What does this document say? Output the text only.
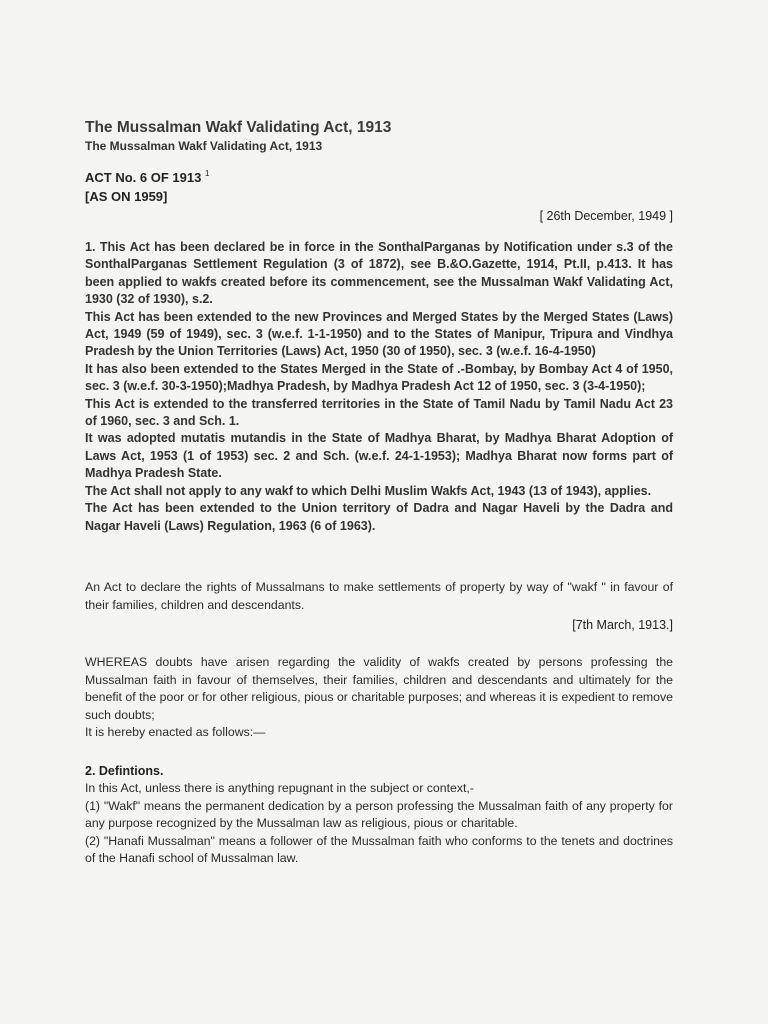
The Mussalman Wakf Validating Act, 1913
The Mussalman Wakf Validating Act, 1913
ACT No. 6 OF 1913 $^1$
[AS ON 1959]
[ 26th December, 1949 ]

1. This Act has been declared be in force in the SonthalParganas by Notification under s.3 of the SonthalParganas Settlement Regulation (3 of 1872), see B.&O.Gazette, 1914, Pt.II, p.413. It has been applied to wakfs created before its commencement, see the Mussalman Wakf Validating Act, 1930 (32 of 1930), s.2.

This Act has been extended to the new Provinces and Merged States by the Merged States (Laws) Act, 1949 (59 of 1949), sec. 3 (w.e.f. 1-1-1950) and to the States of Manipur, Tripura and Vindhya Pradesh by the Union Territories (Laws) Act, 1950 (30 of 1950), sec. 3 (w.e.f. 16-4-1950)

It has also been extended to the States Merged in the State of .-Bombay, by Bombay Act 4 of 1950, sec. 3 (w.e.f. 30-3-1950);Madhya Pradesh, by Madhya Pradesh Act 12 of 1950, sec. 3 (3-4-1950);

This Act is extended to the transferred territories in the State of Tamil Nadu by Tamil Nadu Act 23 of 1960, sec. 3 and Sch. 1.

It was adopted mutatis mutandis in the State of Madhya Bharat, by Madhya Bharat Adoption of Laws Act, 1953 (1 of 1953) sec. 2 and Sch. (w.e.f. 24-1-1953); Madhya Bharat now forms part of Madhya Pradesh State.

The Act shall not apply to any wakf to which Delhi Muslim Wakfs Act, 1943 (13 of 1943), applies.

The Act has been extended to the Union territory of Dadra and Nagar Haveli by the Dadra and Nagar Haveli (Laws) Regulation, 1963 (6 of 1963).

An Act to declare the rights of Mussalmans to make settlements of property by way of "wakf " in favour of their families, children and descendants.

[7th March, 1913.]

WHEREAS doubts have arisen regarding the validity of wakfs created by persons professing the Mussalman faith in favour of themselves, their families, children and descendants and ultimately for the benefit of the poor or for other religious, pious or charitable purposes; and whereas it is expedient to remove such doubts;

It is hereby enacted as follows:—

2. Defintions.

In this Act, unless there is anything repugnant in the subject or context,-

(1) "Wakf" means the permanent dedication by a person professing the Mussalman faith of any property for any purpose recognized by the Mussalman law as religious, pious or charitable.

(2) "Hanafi Mussalman" means a follower of the Mussalman faith who conforms to the tenets and doctrines of the Hanafi school of Mussalman law.
